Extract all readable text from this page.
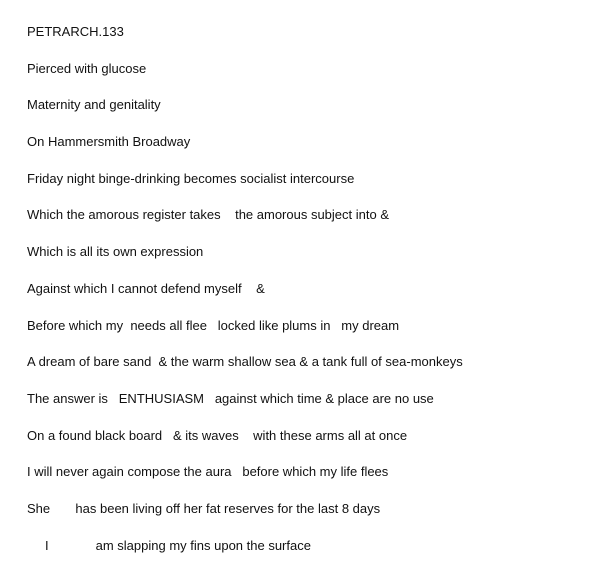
PETRARCH.133
Pierced with glucose
Maternity and genitality
On Hammersmith Broadway
Friday night binge-drinking becomes socialist intercourse
Which the amorous register takes    the amorous subject into &
Which is all its own expression
Against which I cannot defend myself    &
Before which my  needs all flee   locked like plums in   my dream
A dream of bare sand  & the warm shallow sea & a tank full of sea-monkeys
The answer is   ENTHUSIASM   against which time & place are no use
On a found black board   & its waves    with these arms all at once
I will never again compose the aura   before which my life flees
She       has been living off her fat reserves for the last 8 days
I             am slapping my fins upon the surface
